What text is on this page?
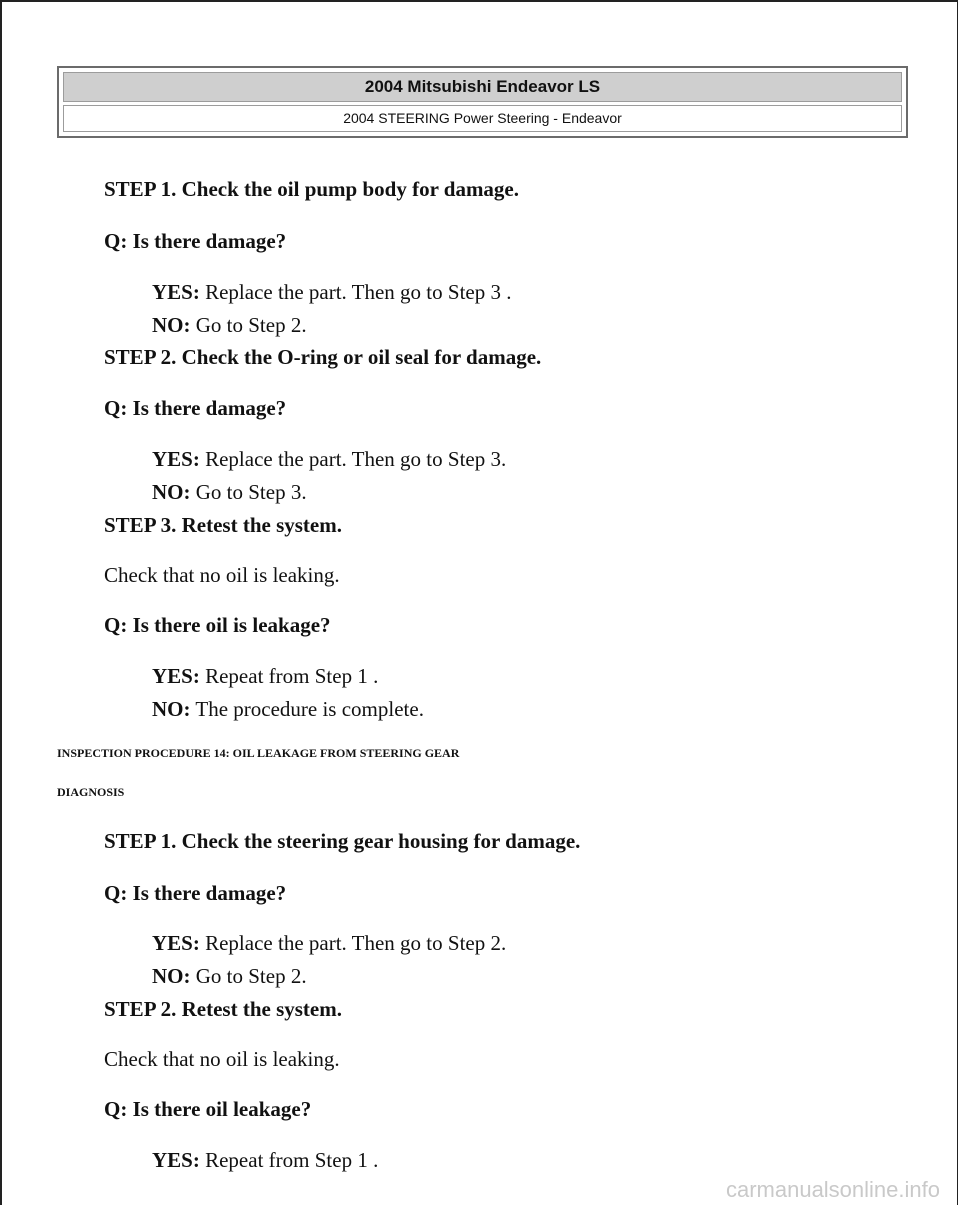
2004 Mitsubishi Endeavor LS
2004 STEERING Power Steering - Endeavor
STEP 1. Check the oil pump body for damage.
Q: Is there damage?
YES: Replace the part. Then go to Step 3 .
NO: Go to Step 2.
STEP 2. Check the O-ring or oil seal for damage.
Q: Is there damage?
YES: Replace the part. Then go to Step 3.
NO: Go to Step 3.
STEP 3. Retest the system.
Check that no oil is leaking.
Q: Is there oil is leakage?
YES: Repeat from Step 1 .
NO: The procedure is complete.
INSPECTION PROCEDURE 14: OIL LEAKAGE FROM STEERING GEAR
DIAGNOSIS
STEP 1. Check the steering gear housing for damage.
Q: Is there damage?
YES: Replace the part. Then go to Step 2.
NO: Go to Step 2.
STEP 2. Retest the system.
Check that no oil is leaking.
Q: Is there oil leakage?
YES: Repeat from Step 1 .
carmanualsonline.info
